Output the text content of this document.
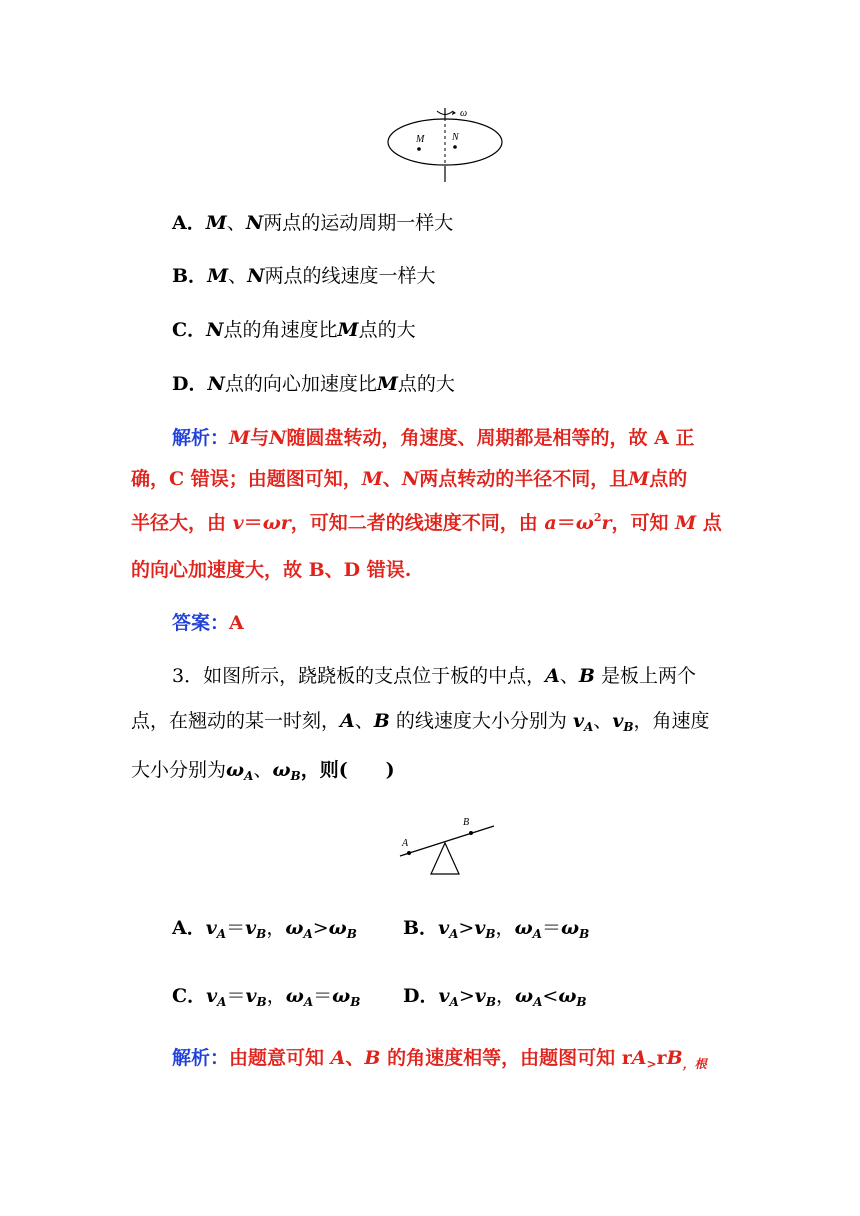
ω
M	N
A．M、N两点的运动周期一样大
B．M、N两点的线速度一样大
C．N点的角速度比M点的大
D．N点的向心加速度比M点的大
解析：M与N随圆盘转动，角速度、周期都是相等的，故 A 正
确，C 错误；由题图可知，M、N两点转动的半径不同，且M点的
半径大，由 v＝ωr，可知二者的线速度不同，由 $a=\omega^2r$，可知 M 点
的向心加速度大，故 B、D 错误.
答案：A
3．如图所示，跷跷板的支点位于板的中点，A、B 是板上两个
点，在翘动的某一时刻，A、B 的线速度大小分别为 $v_A$、$v_B$，角速度
大小分别为$\omega_A$、$\omega_B$，则(　　)
A
B
A．$v_A=v_B$，$\omega_A>\omega_B$ B．$v_A>v_B$，$\omega_A=\omega_B$
C．$v_A=v_B$，$\omega_A=\omega_B$ D．$v_A>v_B$，$\omega_A<\omega_B$
解析：由题意可知 A、B 的角速度相等，由题图可知 $rA_>rB_{,根}$
